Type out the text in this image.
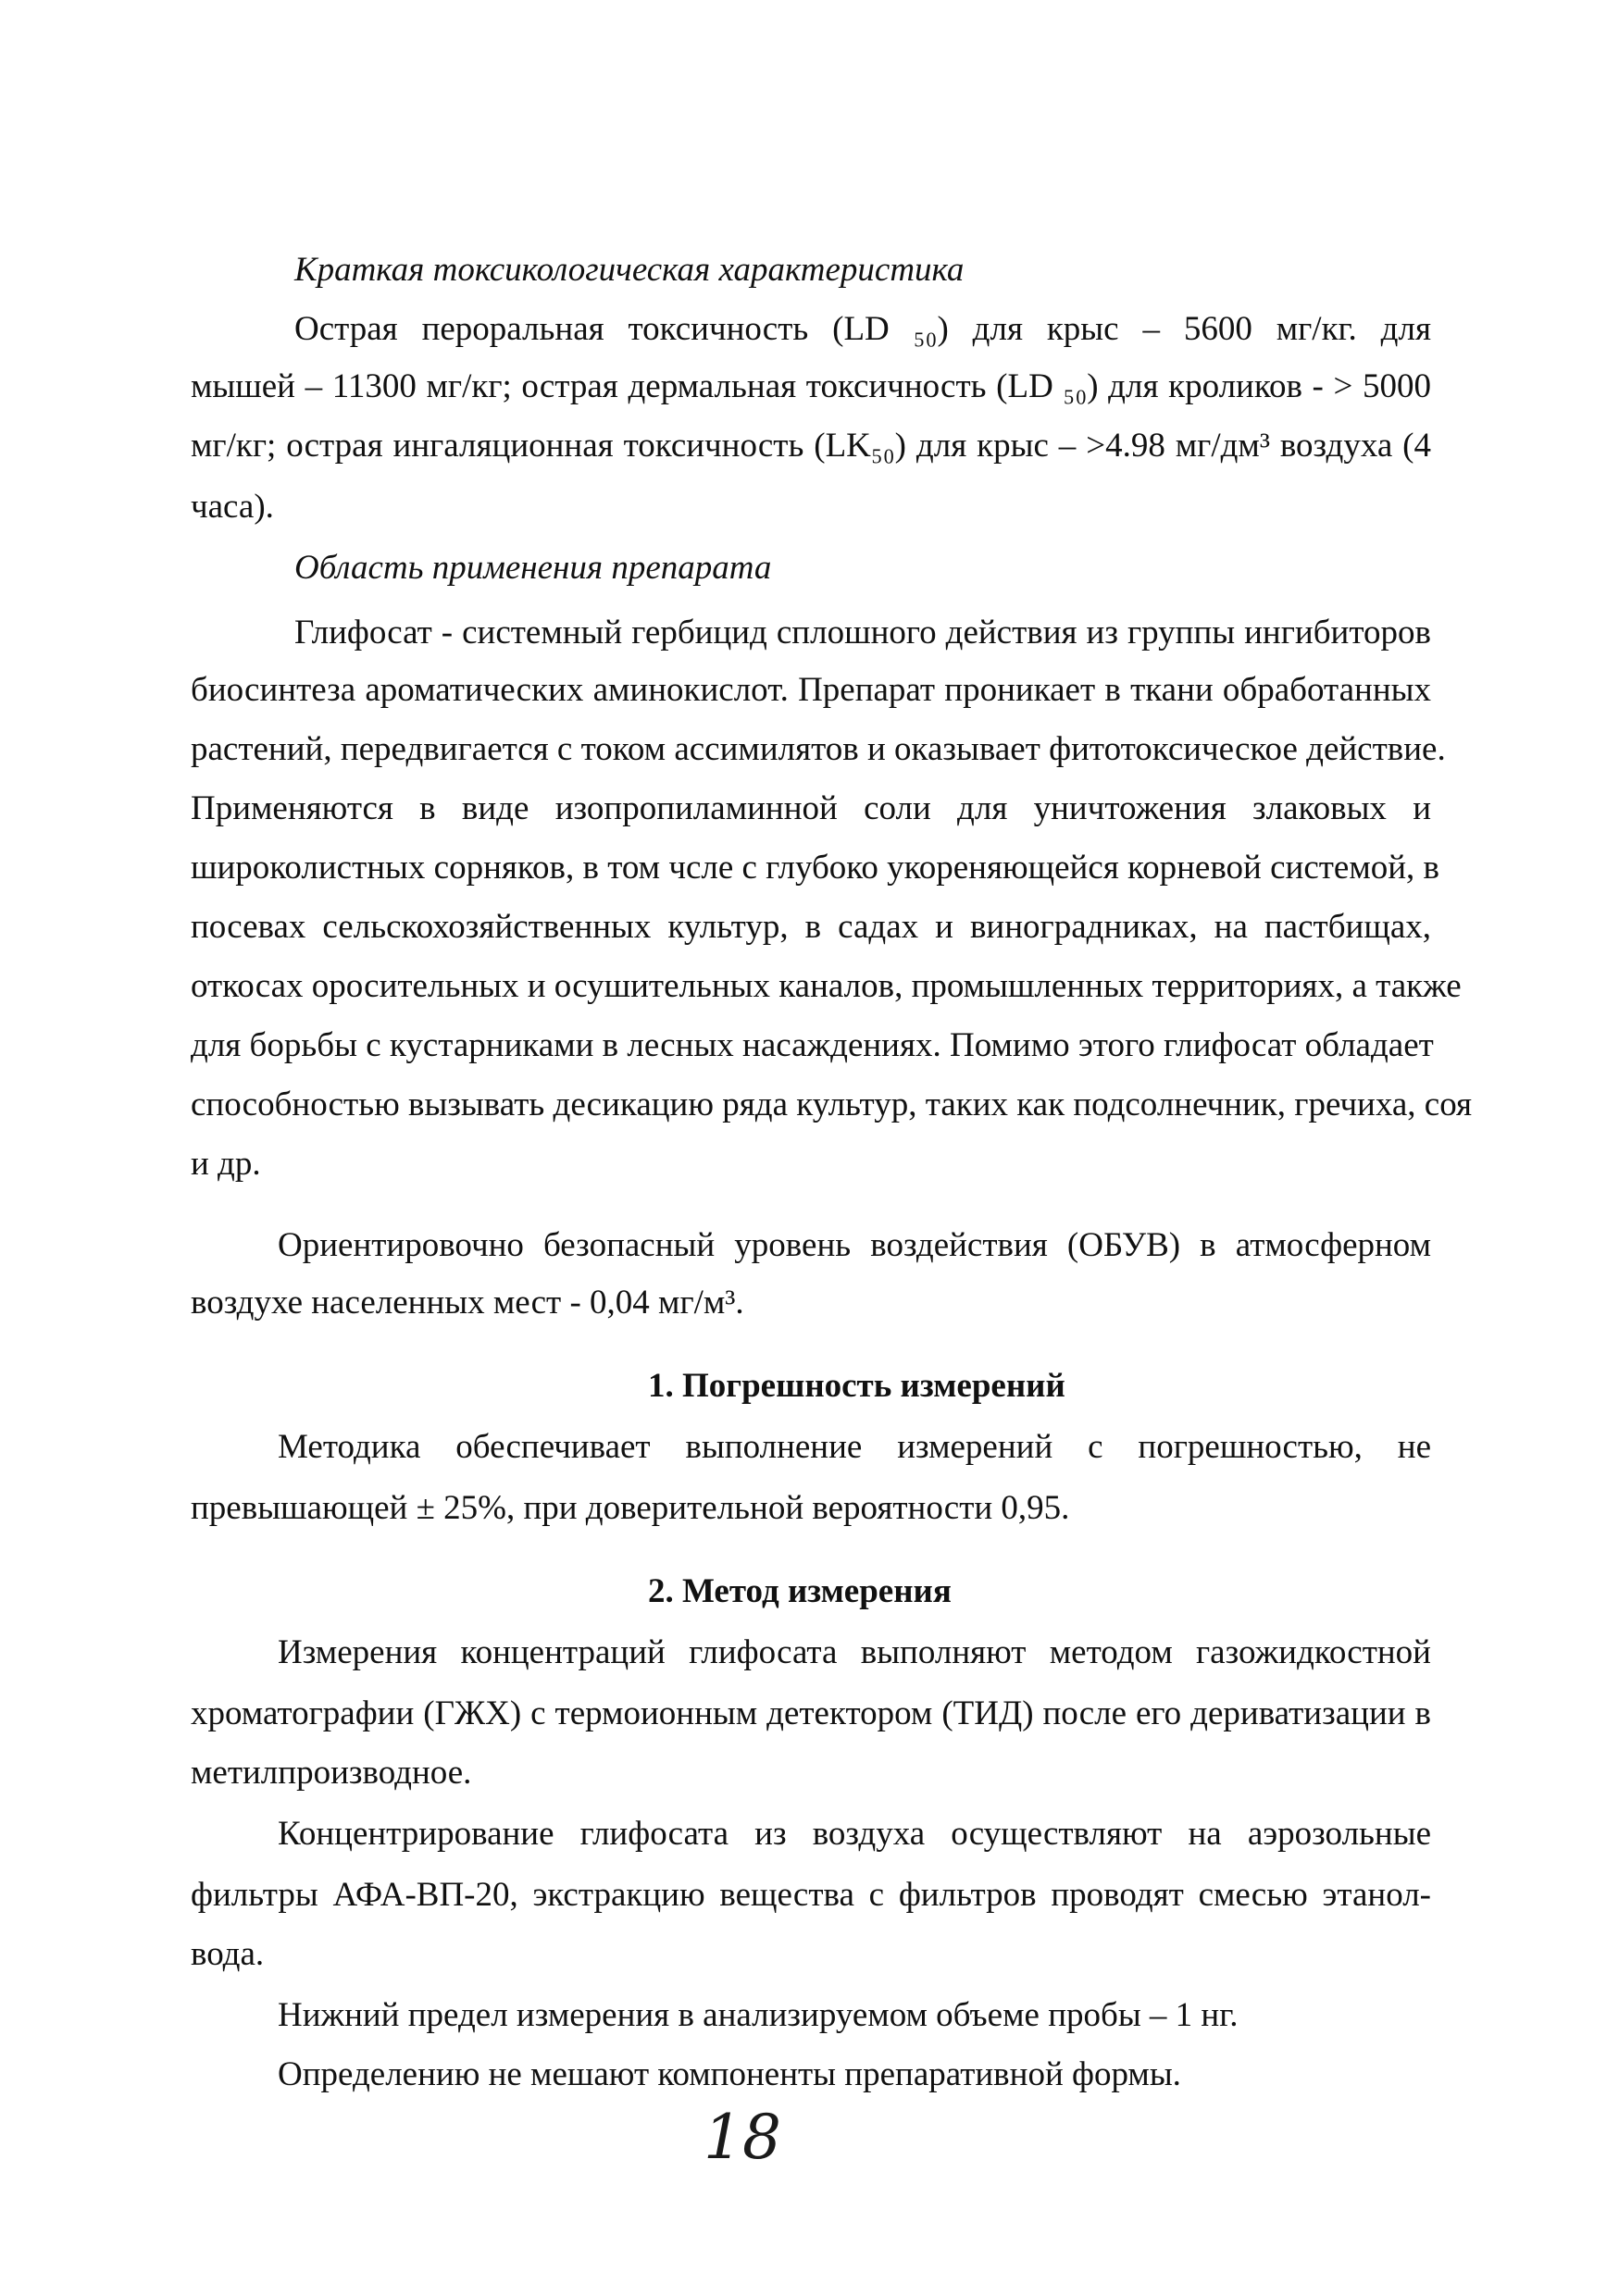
Краткая токсикологическая характеристика
Острая пероральная токсичность (LD ₅₀) для крыс – 5600 мг/кг. для
мышей – 11300 мг/кг; острая дермальная токсичность (LD ₅₀) для кроликов - > 5000
мг/кг; острая ингаляционная токсичность (LK₅₀) для крыс – >4.98 мг/дм³ воздуха (4
часа).
Область применения препарата
Глифосат - системный гербицид сплошного действия из группы ингибиторов
биосинтеза ароматических аминокислот. Препарат проникает в ткани обработанных
растений, передвигается с током ассимилятов и оказывает фитотоксическое действие.
Применяются в виде изопропиламинной соли для уничтожения злаковых и
широколистных сорняков, в том чсле с глубоко укореняющейся корневой системой, в
посевах сельскохозяйственных культур, в садах и виноградниках, на пастбищах,
откосах оросительных и осушительных каналов, промышленных территориях, а также
для борьбы с кустарниками в лесных насаждениях. Помимо этого глифосат обладает
способностью вызывать десикацию ряда культур, таких как подсолнечник, гречиха, соя
и др.
Ориентировочно безопасный уровень воздействия (ОБУВ) в атмосферном
воздухе населенных мест - 0,04 мг/м³.
1. Погрешность измерений
Методика обеспечивает выполнение измерений с погрешностью, не
превышающей ± 25%, при доверительной вероятности 0,95.
2. Метод измерения
Измерения концентраций глифосата выполняют методом газожидкостной
хроматографии (ГЖХ) с термоионным детектором (ТИД) после его дериватизации в
метилпроизводное.
Концентрирование глифосата из воздуха осуществляют на аэрозольные
фильтры АФА-ВП-20, экстракцию вещества с фильтров проводят смесью этанол-
вода.
Нижний предел измерения в анализируемом объеме пробы – 1 нг.
Определению не мешают компоненты препаративной формы.
18
